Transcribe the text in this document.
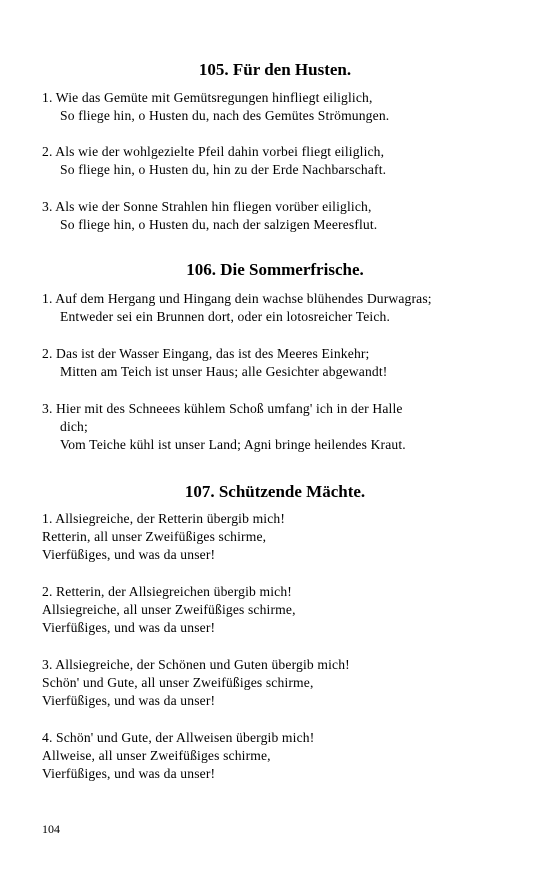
105. Für den Husten.
1. Wie das Gemüte mit Gemütsregungen hinfliegt eiliglich,
So fliege hin, o Husten du, nach des Gemütes Strömungen.
2. Als wie der wohlgezielte Pfeil dahin vorbei fliegt eiliglich,
So fliege hin, o Husten du, hin zu der Erde Nachbarschaft.
3. Als wie der Sonne Strahlen hin fliegen vorüber eiliglich,
So fliege hin, o Husten du, nach der salzigen Meeresflut.
106. Die Sommerfrische.
1. Auf dem Hergang und Hingang dein wachse blühendes Durwagras;
Entweder sei ein Brunnen dort, oder ein lotosreicher Teich.
2. Das ist der Wasser Eingang, das ist des Meeres Einkehr;
Mitten am Teich ist unser Haus; alle Gesichter abgewandt!
3. Hier mit des Schneees kühlem Schoß umfang' ich in der Halle
dich;
Vom Teiche kühl ist unser Land; Agni bringe heilendes Kraut.
107. Schützende Mächte.
1. Allsiegreiche, der Retterin übergib mich!
Retterin, all unser Zweifüßiges schirme,
Vierfüßiges, und was da unser!
2. Retterin, der Allsiegreichen übergib mich!
Allsiegreiche, all unser Zweifüßiges schirme,
Vierfüßiges, und was da unser!
3. Allsiegreiche, der Schönen und Guten übergib mich!
Schön' und Gute, all unser Zweifüßiges schirme,
Vierfüßiges, und was da unser!
4. Schön' und Gute, der Allweisen übergib mich!
Allweise, all unser Zweifüßiges schirme,
Vierfüßiges, und was da unser!
104
